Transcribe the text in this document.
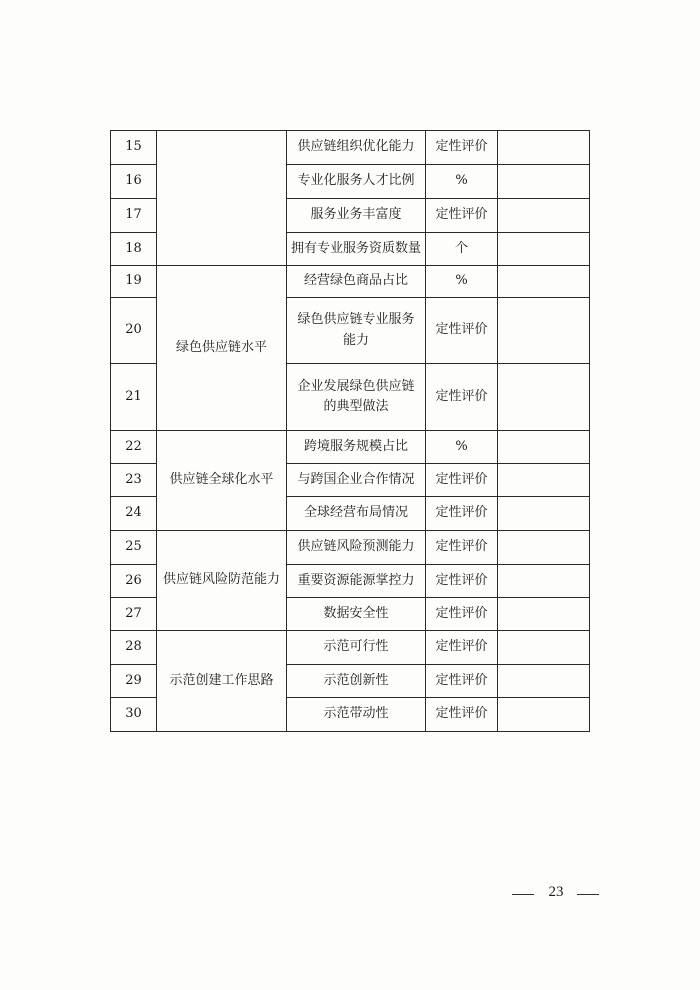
15		供应链组织优化能力	定性评价	
16		专业化服务人才比例	%	
17		服务业务丰富度	定性评价	
18		拥有专业服务资质数量	个	
19	绿色供应链水平	经营绿色商品占比	%	
20		绿色供应链专业服务能力	定性评价	
21		企业发展绿色供应链的典型做法	定性评价	
22	供应链全球化水平	跨境服务规模占比	%	
23		与跨国企业合作情况	定性评价	
24		全球经营布局情况	定性评价	
25	供应链风险防范能力	供应链风险预测能力	定性评价	
26		重要资源能源掌控力	定性评价	
27		数据安全性	定性评价	
28	示范创建工作思路	示范可行性	定性评价	
29		示范创新性	定性评价	
30		示范带动性	定性评价	
23
